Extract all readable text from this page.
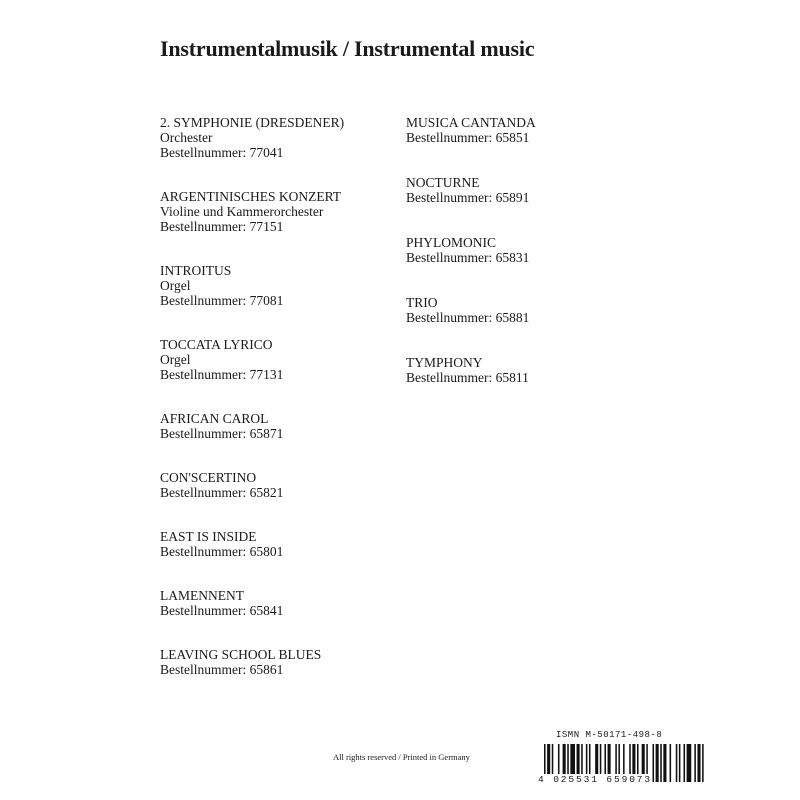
Instrumentalmusik / Instrumental music
2. SYMPHONIE (DRESDENER)
Orchester
Bestellnummer: 77041
ARGENTINISCHES KONZERT
Violine und Kammerorchester
Bestellnummer: 77151
INTROITUS
Orgel
Bestellnummer: 77081
TOCCATA LYRICO
Orgel
Bestellnummer: 77131
AFRICAN CAROL
Bestellnummer: 65871
CON'SCERTINO
Bestellnummer: 65821
EAST IS INSIDE
Bestellnummer: 65801
LAMENNENT
Bestellnummer: 65841
LEAVING SCHOOL BLUES
Bestellnummer: 65861
MUSICA CANTANDA
Bestellnummer: 65851
NOCTURNE
Bestellnummer: 65891
PHYLOMONIC
Bestellnummer: 65831
TRIO
Bestellnummer: 65881
TYMPHONY
Bestellnummer: 65811
All rights reserved / Printed in Germany
ISMN M-50171-498-8
4 025531 659073
